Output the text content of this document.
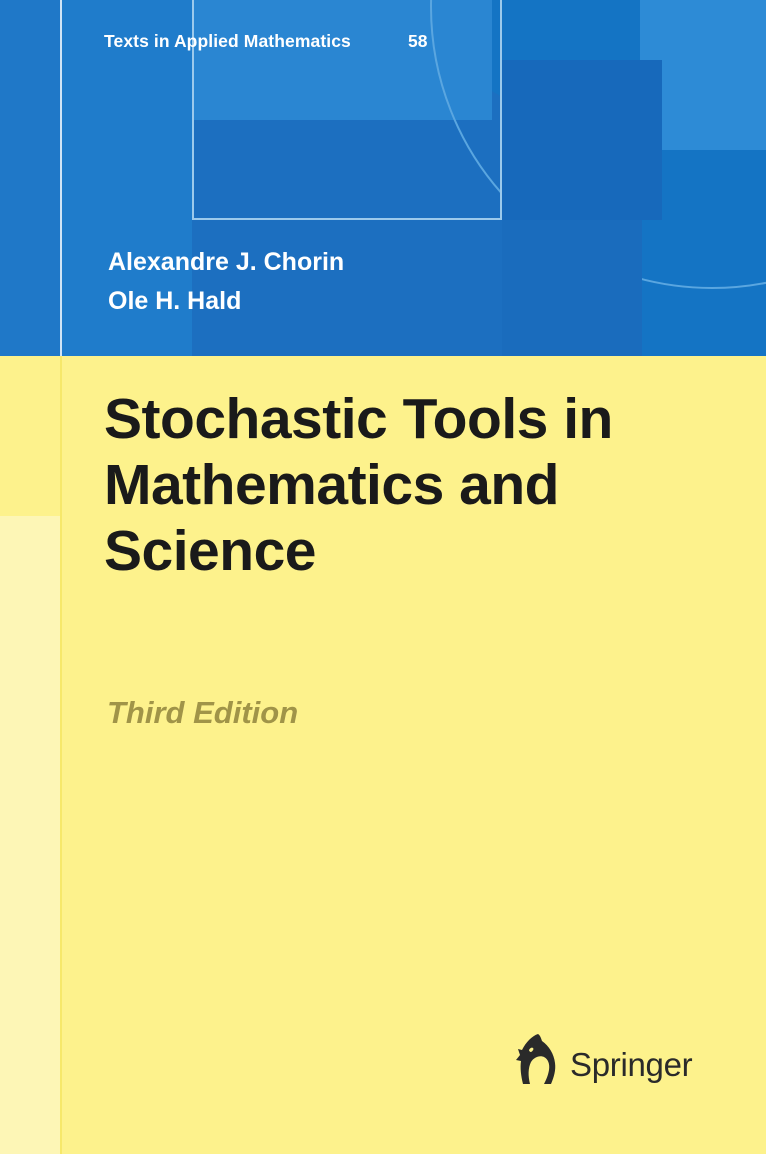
Texts in Applied Mathematics	58
Alexandre J. Chorin
Ole H. Hald
Stochastic Tools in
Mathematics and
Science
Third Edition
Springer
